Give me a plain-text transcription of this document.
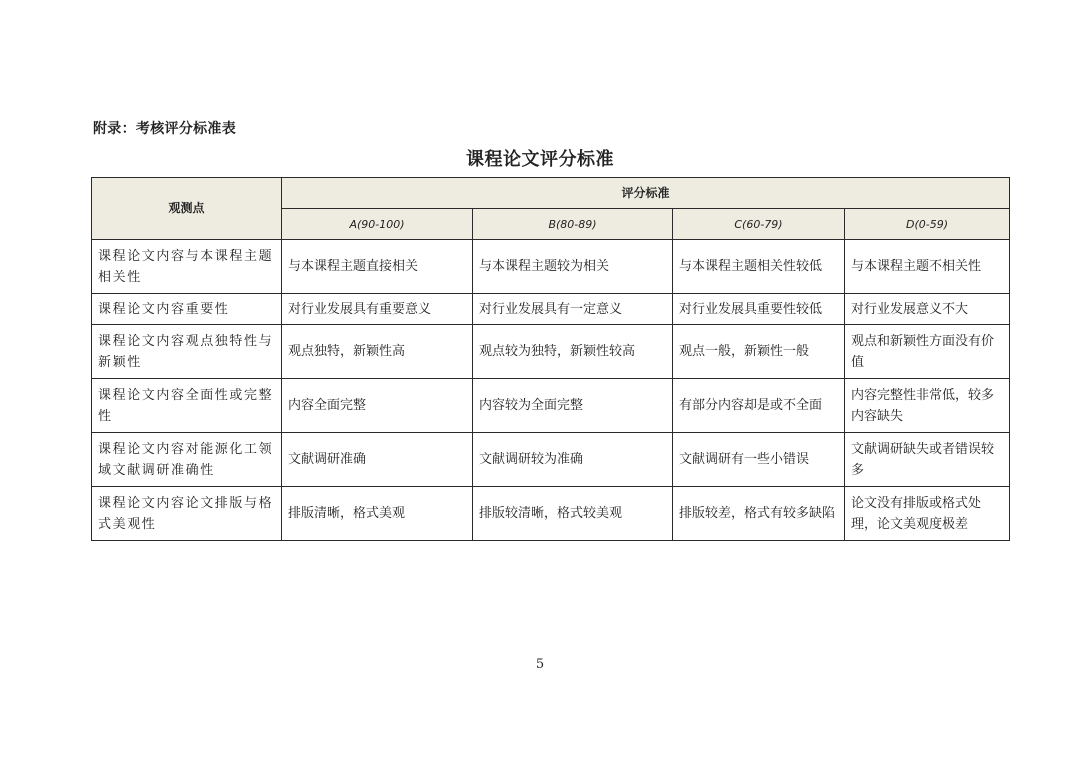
附录：考核评分标准表
课程论文评分标准
观测点	评分标准			
	A(90-100)	B(80-89)	C(60-79)	D(0-59)
课程论文内容与本课程主题相关性	与本课程主题直接相关	与本课程主题较为相关	与本课程主题相关性较低	与本课程主题不相关性
课程论文内容重要性	对行业发展具有重要意义	对行业发展具有一定意义	对行业发展具重要性较低	对行业发展意义不大
课程论文内容观点独特性与新颖性	观点独特，新颖性高	观点较为独特，新颖性较高	观点一般，新颖性一般	观点和新颖性方面没有价值
课程论文内容全面性或完整性	内容全面完整	内容较为全面完整	有部分内容却是或不全面	内容完整性非常低，较多内容缺失
课程论文内容对能源化工领域文献调研准确性	文献调研准确	文献调研较为准确	文献调研有一些小错误	文献调研缺失或者错误较多
课程论文内容论文排版与格式美观性	排版清晰，格式美观	排版较清晰，格式较美观	排版较差，格式有较多缺陷	论文没有排版或格式处理，论文美观度极差
5
